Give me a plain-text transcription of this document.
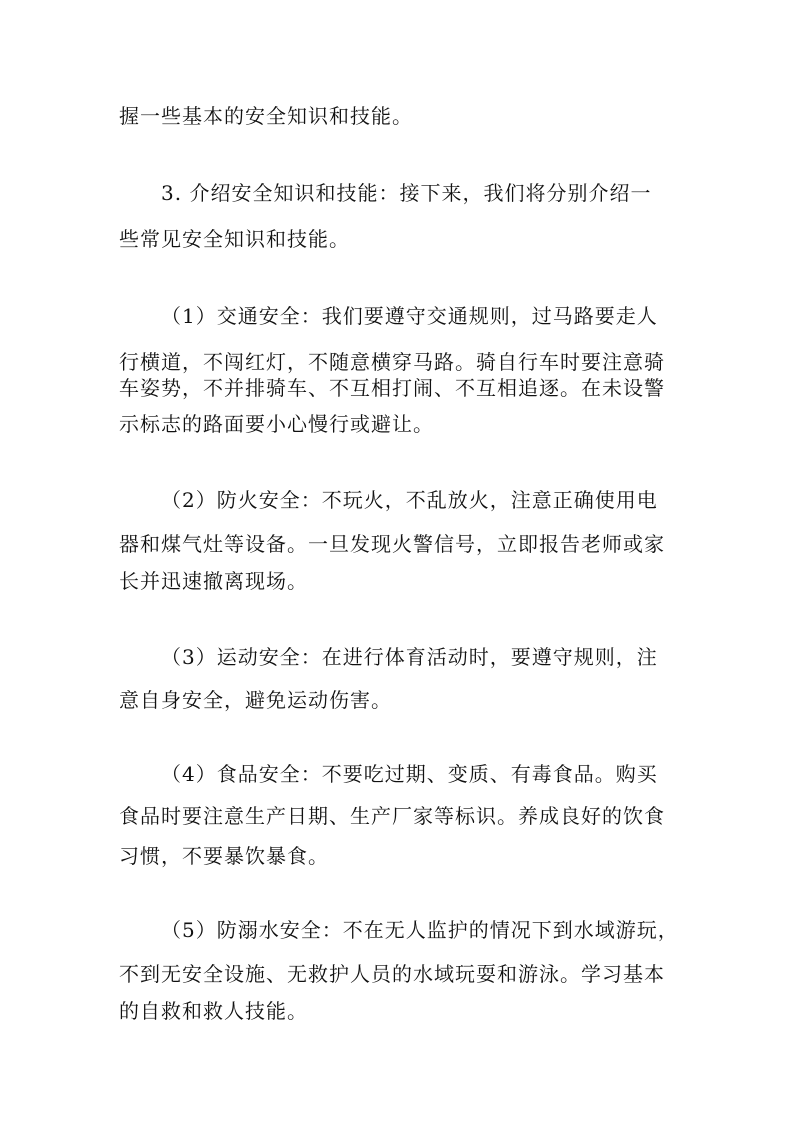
握一些基本的安全知识和技能。
3. 介绍安全知识和技能：接下来，我们将分别介绍一
些常见安全知识和技能。
（1）交通安全：我们要遵守交通规则，过马路要走人
行横道，不闯红灯，不随意横穿马路。骑自行车时要注意骑
车姿势，不并排骑车、不互相打闹、不互相追逐。在未设警
示标志的路面要小心慢行或避让。
（2）防火安全：不玩火，不乱放火，注意正确使用电
器和煤气灶等设备。一旦发现火警信号，立即报告老师或家
长并迅速撤离现场。
（3）运动安全：在进行体育活动时，要遵守规则，注
意自身安全，避免运动伤害。
（4）食品安全：不要吃过期、变质、有毒食品。购买
食品时要注意生产日期、生产厂家等标识。养成良好的饮食
习惯，不要暴饮暴食。
（5）防溺水安全：不在无人监护的情况下到水域游玩，
不到无安全设施、无救护人员的水域玩耍和游泳。学习基本
的自救和救人技能。
